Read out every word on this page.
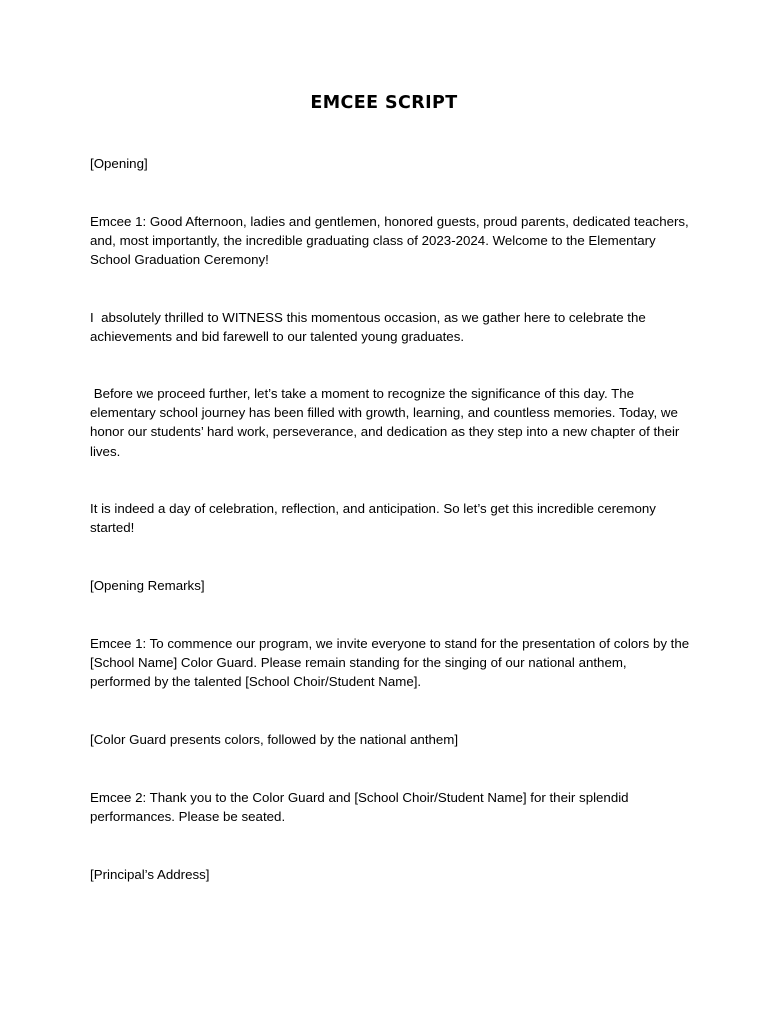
EMCEE SCRIPT
[Opening]
Emcee 1: Good Afternoon, ladies and gentlemen, honored guests, proud parents, dedicated teachers, and, most importantly, the incredible graduating class of 2023-2024. Welcome to the Elementary School Graduation Ceremony!
I  absolutely thrilled to WITNESS this momentous occasion, as we gather here to celebrate the achievements and bid farewell to our talented young graduates.
Before we proceed further, let’s take a moment to recognize the significance of this day. The elementary school journey has been filled with growth, learning, and countless memories. Today, we honor our students’ hard work, perseverance, and dedication as they step into a new chapter of their lives.
It is indeed a day of celebration, reflection, and anticipation. So let’s get this incredible ceremony started!
[Opening Remarks]
Emcee 1: To commence our program, we invite everyone to stand for the presentation of colors by the [School Name] Color Guard. Please remain standing for the singing of our national anthem, performed by the talented [School Choir/Student Name].
[Color Guard presents colors, followed by the national anthem]
Emcee 2: Thank you to the Color Guard and [School Choir/Student Name] for their splendid performances. Please be seated.
[Principal’s Address]
